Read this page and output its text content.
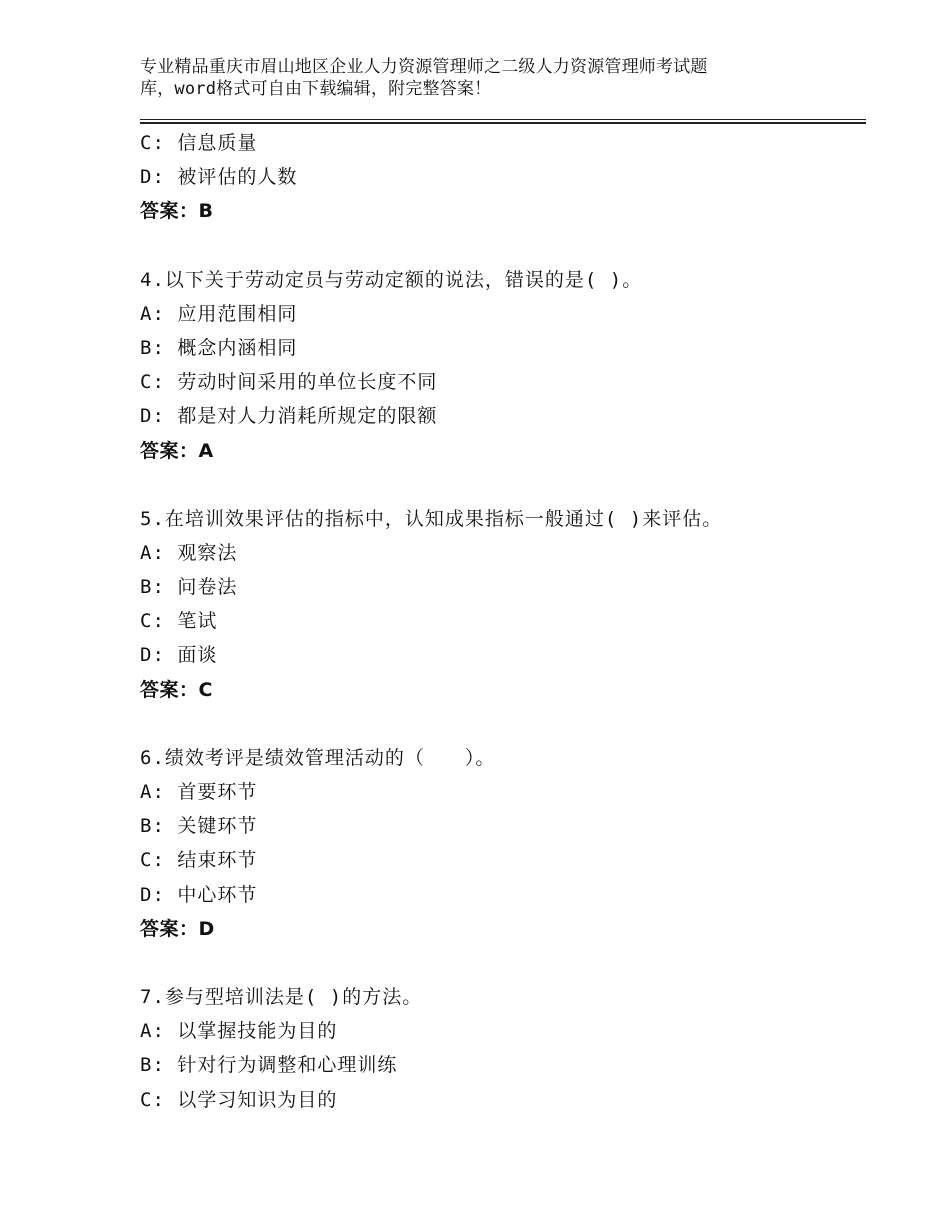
专业精品重庆市眉山地区企业人力资源管理师之二级人力资源管理师考试题
库，word格式可自由下载编辑，附完整答案！
C: 信息质量
D: 被评估的人数
答案：B
4.以下关于劳动定员与劳动定额的说法，错误的是( )。
A: 应用范围相同
B: 概念内涵相同
C: 劳动时间采用的单位长度不同
D: 都是对人力消耗所规定的限额
答案：A
5.在培训效果评估的指标中，认知成果指标一般通过( )来评估。
A: 观察法
B: 问卷法
C: 笔试
D: 面谈
答案：C
6.绩效考评是绩效管理活动的（　　）。
A: 首要环节
B: 关键环节
C: 结束环节
D: 中心环节
答案：D
7.参与型培训法是( )的方法。
A: 以掌握技能为目的
B: 针对行为调整和心理训练
C: 以学习知识为目的
